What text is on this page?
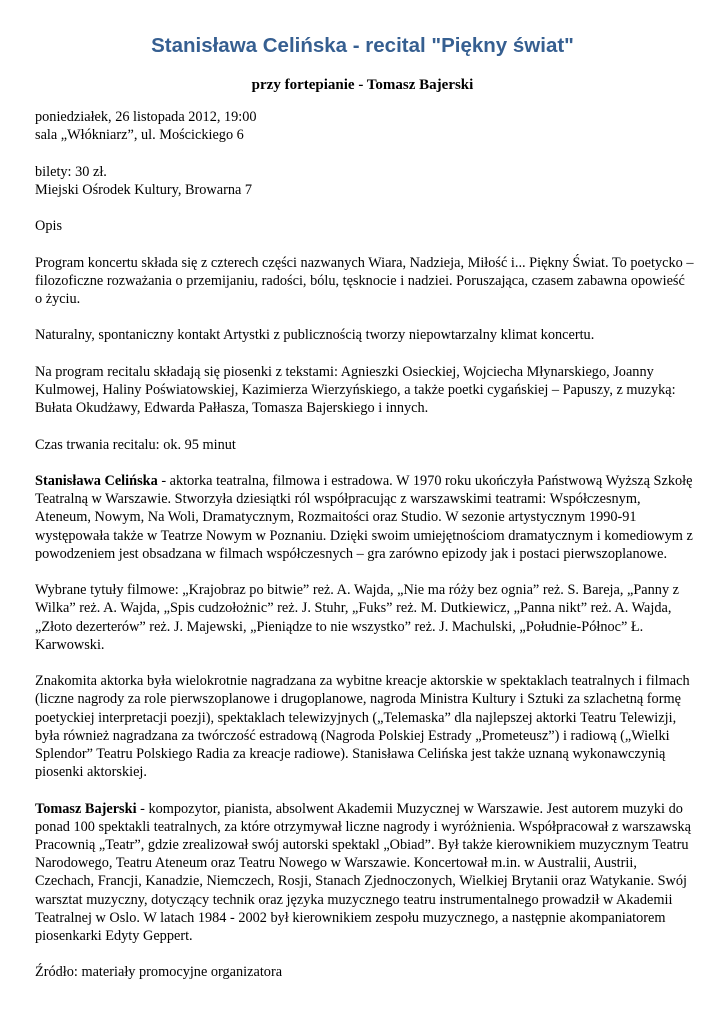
Stanisława Celińska - recital "Piękny świat"
przy fortepianie - Tomasz Bajerski

poniedziałek, 26 listopada 2012, 19:00
sala „Włókniarz”, ul. Mościckiego 6

bilety: 30 zł.
Miejski Ośrodek Kultury, Browarna 7

Opis

Program koncertu składa się z czterech części nazwanych Wiara, Nadzieja, Miłość i... Piękny Świat. To poetycko – filozoficzne rozważania o przemijaniu, radości, bólu, tęsknocie i nadziei. Poruszająca, czasem zabawna opowieść o życiu.

Naturalny, spontaniczny kontakt Artystki z publicznością tworzy niepowtarzalny klimat koncertu.

Na program recitalu składają się piosenki z tekstami: Agnieszki Osieckiej, Wojciecha Młynarskiego, Joanny Kulmowej, Haliny Poświatowskiej, Kazimierza Wierzyńskiego, a także poetki cygańskiej – Papuszy, z muzyką: Bułata Okudżawy, Edwarda Pałłasza, Tomasza Bajerskiego i innych.

Czas trwania recitalu: ok. 95 minut

Stanisława Celińska - aktorka teatralna, filmowa i estradowa. W 1970 roku ukończyła Państwową Wyższą Szkołę Teatralną w Warszawie. Stworzyła dziesiątki ról współpracując z warszawskimi teatrami: Współczesnym, Ateneum, Nowym, Na Woli, Dramatycznym, Rozmaitości oraz Studio. W sezonie artystycznym 1990-91 występowała także w Teatrze Nowym w Poznaniu. Dzięki swoim umiejętnościom dramatycznym i komediowym z powodzeniem jest obsadzana w filmach współczesnych – gra zarówno epizody jak i postaci pierwszoplanowe.

Wybrane tytuły filmowe: „Krajobraz po bitwie” reż. A. Wajda, „Nie ma róży bez ognia” reż. S. Bareja, „Panny z Wilka” reż. A. Wajda, „Spis cudzołożnic” reż. J. Stuhr, „Fuks” reż. M. Dutkiewicz, „Panna nikt” reż. A. Wajda, „Złoto dezerterów” reż. J. Majewski, „Pieniądze to nie wszystko” reż. J. Machulski, „Południe-Północ” Ł. Karwowski.

Znakomita aktorka była wielokrotnie nagradzana za wybitne kreacje aktorskie w spektaklach teatralnych i filmach (liczne nagrody za role pierwszoplanowe i drugoplanowe, nagroda Ministra Kultury i Sztuki za szlachetną formę poetyckiej interpretacji poezji), spektaklach telewizyjnych („Telemaska” dla najlepszej aktorki Teatru Telewizji, była również nagradzana za twórczość estradową (Nagroda Polskiej Estrady „Prometeusz”) i radiową („Wielki Splendor” Teatru Polskiego Radia za kreacje radiowe). Stanisława Celińska jest także uznaną wykonawczynią piosenki aktorskiej.

Tomasz Bajerski - kompozytor, pianista, absolwent Akademii Muzycznej w Warszawie. Jest autorem muzyki do ponad 100 spektakli teatralnych, za które otrzymywał liczne nagrody i wyróżnienia. Współpracował z warszawską Pracownią „Teatr”, gdzie zrealizował swój autorski spektakl „Obiad”. Był także kierownikiem muzycznym Teatru Narodowego, Teatru Ateneum oraz Teatru Nowego w Warszawie. Koncertował m.in. w Australii, Austrii, Czechach, Francji, Kanadzie, Niemczech, Rosji, Stanach Zjednoczonych, Wielkiej Brytanii oraz Watykanie. Swój warsztat muzyczny, dotyczący technik oraz języka muzycznego teatru instrumentalnego prowadził w Akademii Teatralnej w Oslo. W latach 1984 - 2002 był kierownikiem zespołu muzycznego, a następnie akompaniatorem piosenkarki Edyty Geppert.

Źródło: materiały promocyjne organizatora
